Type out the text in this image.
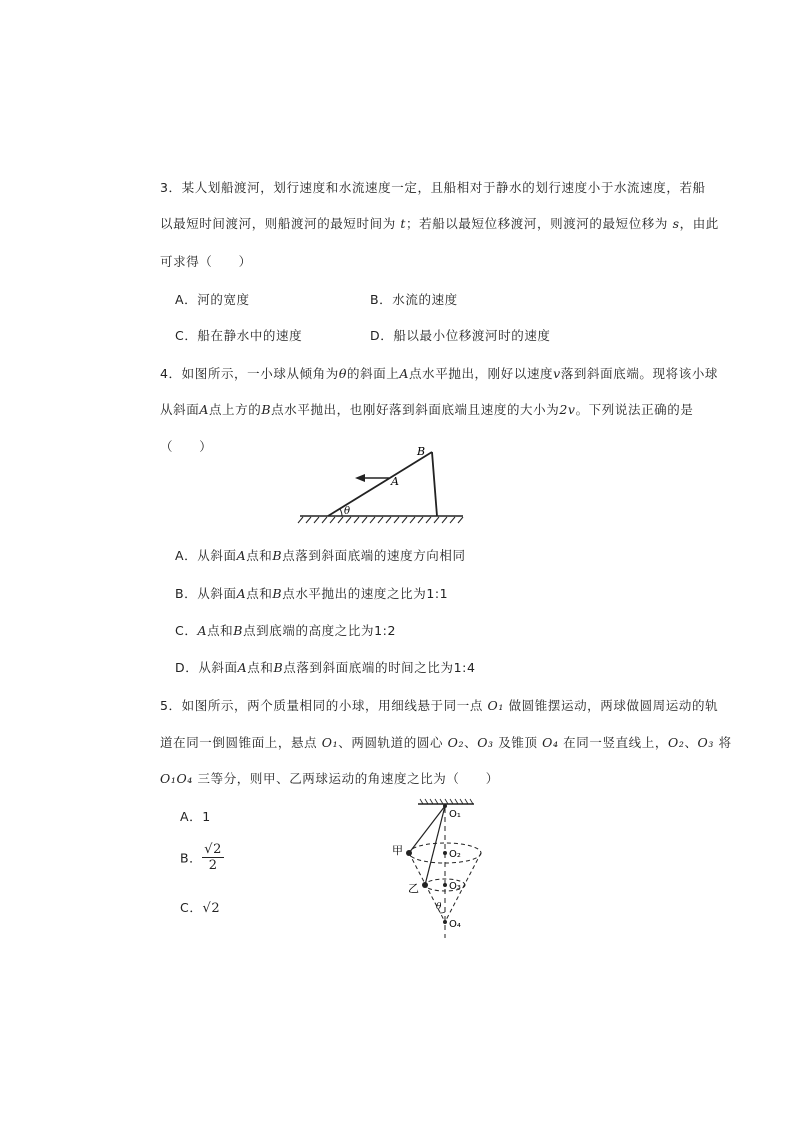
3．某人划船渡河，划行速度和水流速度一定，且船相对于静水的划行速度小于水流速度，若船
以最短时间渡河，则船渡河的最短时间为 t；若船以最短位移渡河，则渡河的最短位移为 s，由此
可求得（　　）
A．河的宽度	B．水流的速度
C．船在静水中的速度	D．船以最小位移渡河时的速度
4．如图所示，一小球从倾角为θ的斜面上A点水平抛出，刚好以速度v落到斜面底端。现将该小球
从斜面A点上方的B点水平抛出，也刚好落到斜面底端且速度的大小为2v。下列说法正确的是
（　　）	B
A
θ
A．从斜面A点和B点落到斜面底端的速度方向相同
B．从斜面A点和B点水平抛出的速度之比为1:1
C．A点和B点到底端的高度之比为1:2
D．从斜面A点和B点落到斜面底端的时间之比为1:4
5．如图所示，两个质量相同的小球，用细线悬于同一点 O₁ 做圆锥摆运动，两球做圆周运动的轨
道在同一倒圆锥面上，悬点 O₁、两圆轨道的圆心 O₂、O₃ 及锥顶 O₄ 在同一竖直线上，O₂、O₃ 将
O₁O₄ 三等分，则甲、乙两球运动的角速度之比为（　　）
A．1
B． $\frac{√2}{2}$
C．√2
O₁
O₂
O₃
O₄
θ
甲
乙
